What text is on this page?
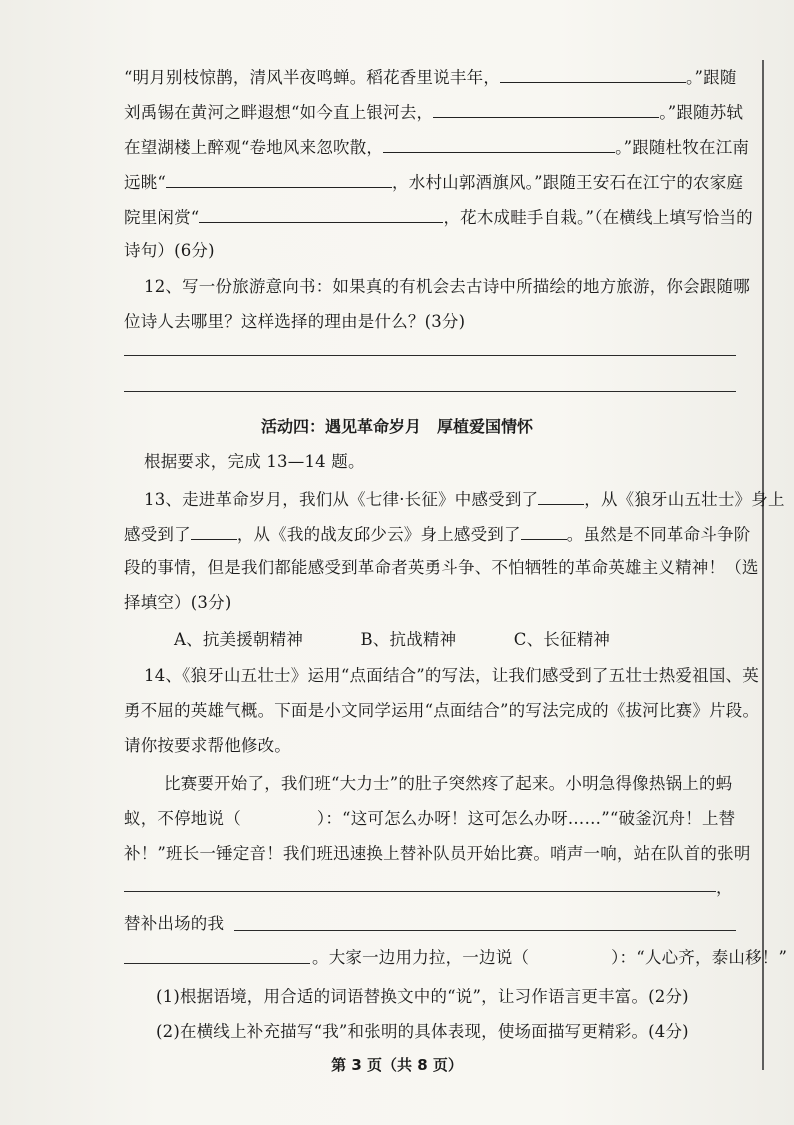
“明月别枝惊鹊，清风半夜鸣蝉。稻花香里说丰年，	。”跟随
刘禹锡在黄河之畔遐想“如今直上银河去，	。”跟随苏轼
在望湖楼上醉观“卷地风来忽吹散，	。”跟随杜牧在江南
远眺“	，水村山郭酒旗风。”跟随王安石在江宁的农家庭
院里闲赏“	，花木成畦手自栽。”（在横线上填写恰当的
诗句）(6分)
12、写一份旅游意向书：如果真的有机会去古诗中所描绘的地方旅游，你会跟随哪
位诗人去哪里？这样选择的理由是什么？(3分)
活动四：遇见革命岁月　厚植爱国情怀
根据要求，完成 13—14 题。
13、走进革命岁月，我们从《七律·长征》中感受到了	，从《狼牙山五壮士》身上
感受到了	，从《我的战友邱少云》身上感受到了	。虽然是不同革命斗争阶
段的事情，但是我们都能感受到革命者英勇斗争、不怕牺牲的革命英雄主义精神！（选
择填空）(3分)
A、抗美援朝精神	B、抗战精神	C、长征精神
14、《狼牙山五壮士》运用“点面结合”的写法，让我们感受到了五壮士热爱祖国、英
勇不屈的英雄气概。下面是小文同学运用“点面结合”的写法完成的《拔河比赛》片段。
请你按要求帮他修改。
比赛要开始了，我们班“大力士”的肚子突然疼了起来。小明急得像热锅上的蚂
蚁，不停地说（	）：“这可怎么办呀！这可怎么办呀……”“破釜沉舟！上替
补！”班长一锤定音！我们班迅速换上替补队员开始比赛。哨声一响，站在队首的张明
，
替补出场的我
。大家一边用力拉，一边说（	）：“人心齐，泰山移！”
(1)根据语境，用合适的词语替换文中的“说”，让习作语言更丰富。(2分)
(2)在横线上补充描写“我”和张明的具体表现，使场面描写更精彩。(4分)
第 3 页（共 8 页）
